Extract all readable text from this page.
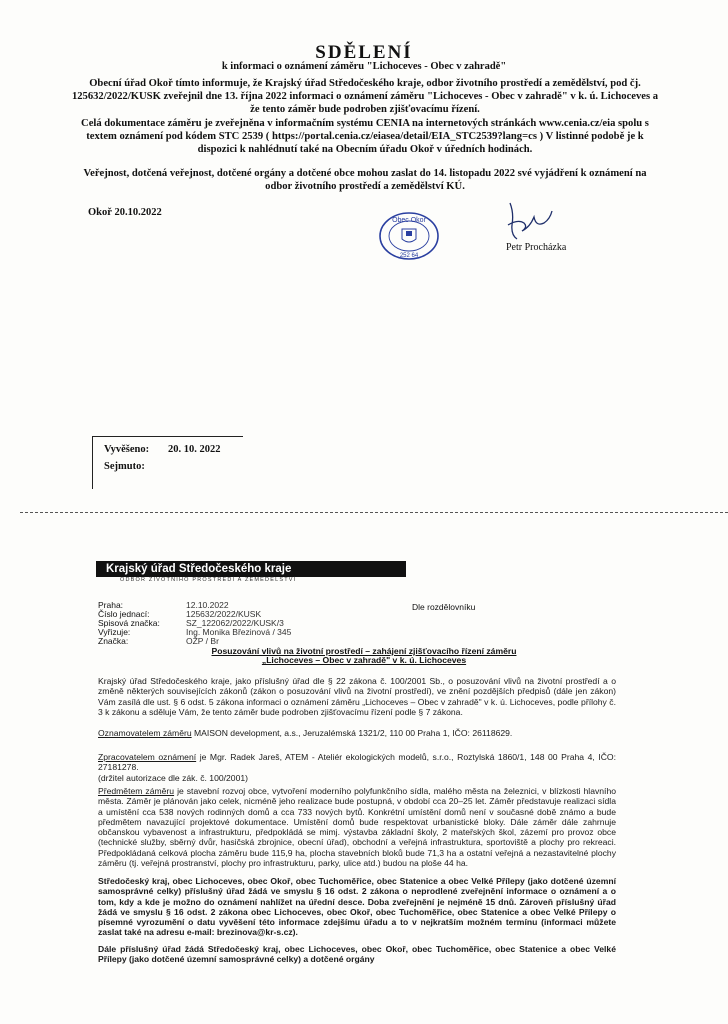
SDĚLENÍ
k informaci o oznámení záměru "Lichoceves - Obec v zahradě"
Obecní úřad Okoř tímto informuje, že Krajský úřad Středočeského kraje, odbor životního prostředí a zemědělství, pod čj. 125632/2022/KUSK zveřejnil dne 13. října 2022 informaci o oznámení záměru "Lichoceves - Obec v zahradě" v k. ú. Lichoceves a že tento záměr bude podroben zjišťovacímu řízení.
Celá dokumentace záměru je zveřejněna v informačním systému CENIA na internetových stránkách www.cenia.cz/eia spolu s textem oznámení pod kódem STC 2539 ( https://portal.cenia.cz/eiasea/detail/EIA_STC2539?lang=cs ) V listinné podobě je k dispozici k nahlédnutí také na Obecním úřadu Okoř v úředních hodinách.
Veřejnost, dotčená veřejnost, dotčené orgány a dotčené obce mohou zaslat do 14. listopadu 2022 své vyjádření k oznámení na odbor životního prostředí a zemědělství KÚ.
Okoř 20.10.2022
Obec Okoř
252 64
Petr Procházka
Vyvěšeno: 20. 10. 2022
Sejmuto:
Krajský úřad Středočeského kraje
ODBOR ŽIVOTNÍHO PROSTŘEDÍ A ZEMĚDĚLSTVÍ
Praha:	12.10.2022
Číslo jednací:	125632/2022/KUSK
Spisová značka:	SZ_122062/2022/KUSK/3
Vyřizuje:	Ing. Monika Březinová / 345
Značka:	OŽP / Br
Dle rozdělovníku
Posuzování vlivů na životní prostředí – zahájení zjišťovacího řízení záměru
„Lichoceves – Obec v zahradě" v k. ú. Lichoceves
Krajský úřad Středočeského kraje, jako příslušný úřad dle § 22 zákona č. 100/2001 Sb., o posuzování vlivů na životní prostředí a o změně některých souvisejících zákonů (zákon o posuzování vlivů na životní prostředí), ve znění pozdějších předpisů (dále jen zákon) Vám zasílá dle ust. § 6 odst. 5 zákona informaci o oznámení záměru „Lichoceves – Obec v zahradě" v k. ú. Lichoceves, podle přílohy č. 3 k zákonu a sděluje Vám, že tento záměr bude podroben zjišťovacímu řízení podle § 7 zákona.
Oznamovatelem záměru MAISON development, a.s., Jeruzalémská 1321/2, 110 00 Praha 1, IČO: 26118629.
Zpracovatelem oznámení je Mgr. Radek Jareš, ATEM - Ateliér ekologických modelů, s.r.o., Roztylská 1860/1, 148 00 Praha 4, IČO: 27181278.
(držitel autorizace dle zák. č. 100/2001)
Předmětem záměru je stavební rozvoj obce, vytvoření moderního polyfunkčního sídla, malého města na železnici, v blízkosti hlavního města. Záměr je plánován jako celek, nicméně jeho realizace bude postupná, v období cca 20–25 let. Záměr představuje realizaci sídla a umístění cca 538 nových rodinných domů a cca 733 nových bytů. Konkrétní umístění domů není v současné době známo a bude předmětem navazující projektové dokumentace. Umístění domů bude respektovat urbanistické bloky. Dále záměr dále zahrnuje občanskou vybavenost a infrastrukturu, předpokládá se mimj. výstavba základní školy, 2 mateřských škol, zázemí pro provoz obce (technické služby, sběrný dvůr, hasičská zbrojnice, obecní úřad), obchodní a veřejná infrastruktura, sportoviště a plochy pro rekreaci. Předpokládaná celková plocha záměru bude 115,9 ha, plocha stavebních bloků bude 71,3 ha a ostatní veřejná a nezastavitelné plochy záměru (tj. veřejná prostranství, plochy pro infrastrukturu, parky, ulice atd.) budou na ploše 44 ha.
Středočeský kraj, obec Lichoceves, obec Okoř, obec Tuchoměřice, obec Statenice a obec Velké Přílepy (jako dotčené územní samosprávné celky) příslušný úřad žádá ve smyslu § 16 odst. 2 zákona o neprodlené zveřejnění informace o oznámení a o tom, kdy a kde je možno do oznámení nahlížet na úřední desce. Doba zveřejnění je nejméně 15 dnů. Zároveň příslušný úřad žádá ve smyslu § 16 odst. 2 zákona obec Lichoceves, obec Okoř, obec Tuchoměřice, obec Statenice a obec Velké Přílepy o písemné vyrozumění o datu vyvěšení této informace zdejšímu úřadu a to v nejkratším možném termínu (informaci můžete zaslat také na adresu e-mail: brezinova@kr-s.cz).
Dále příslušný úřad žádá Středočeský kraj, obec Lichoceves, obec Okoř, obec Tuchoměřice, obec Statenice a obec Velké Přílepy (jako dotčené územní samosprávné celky) a dotčené orgány
